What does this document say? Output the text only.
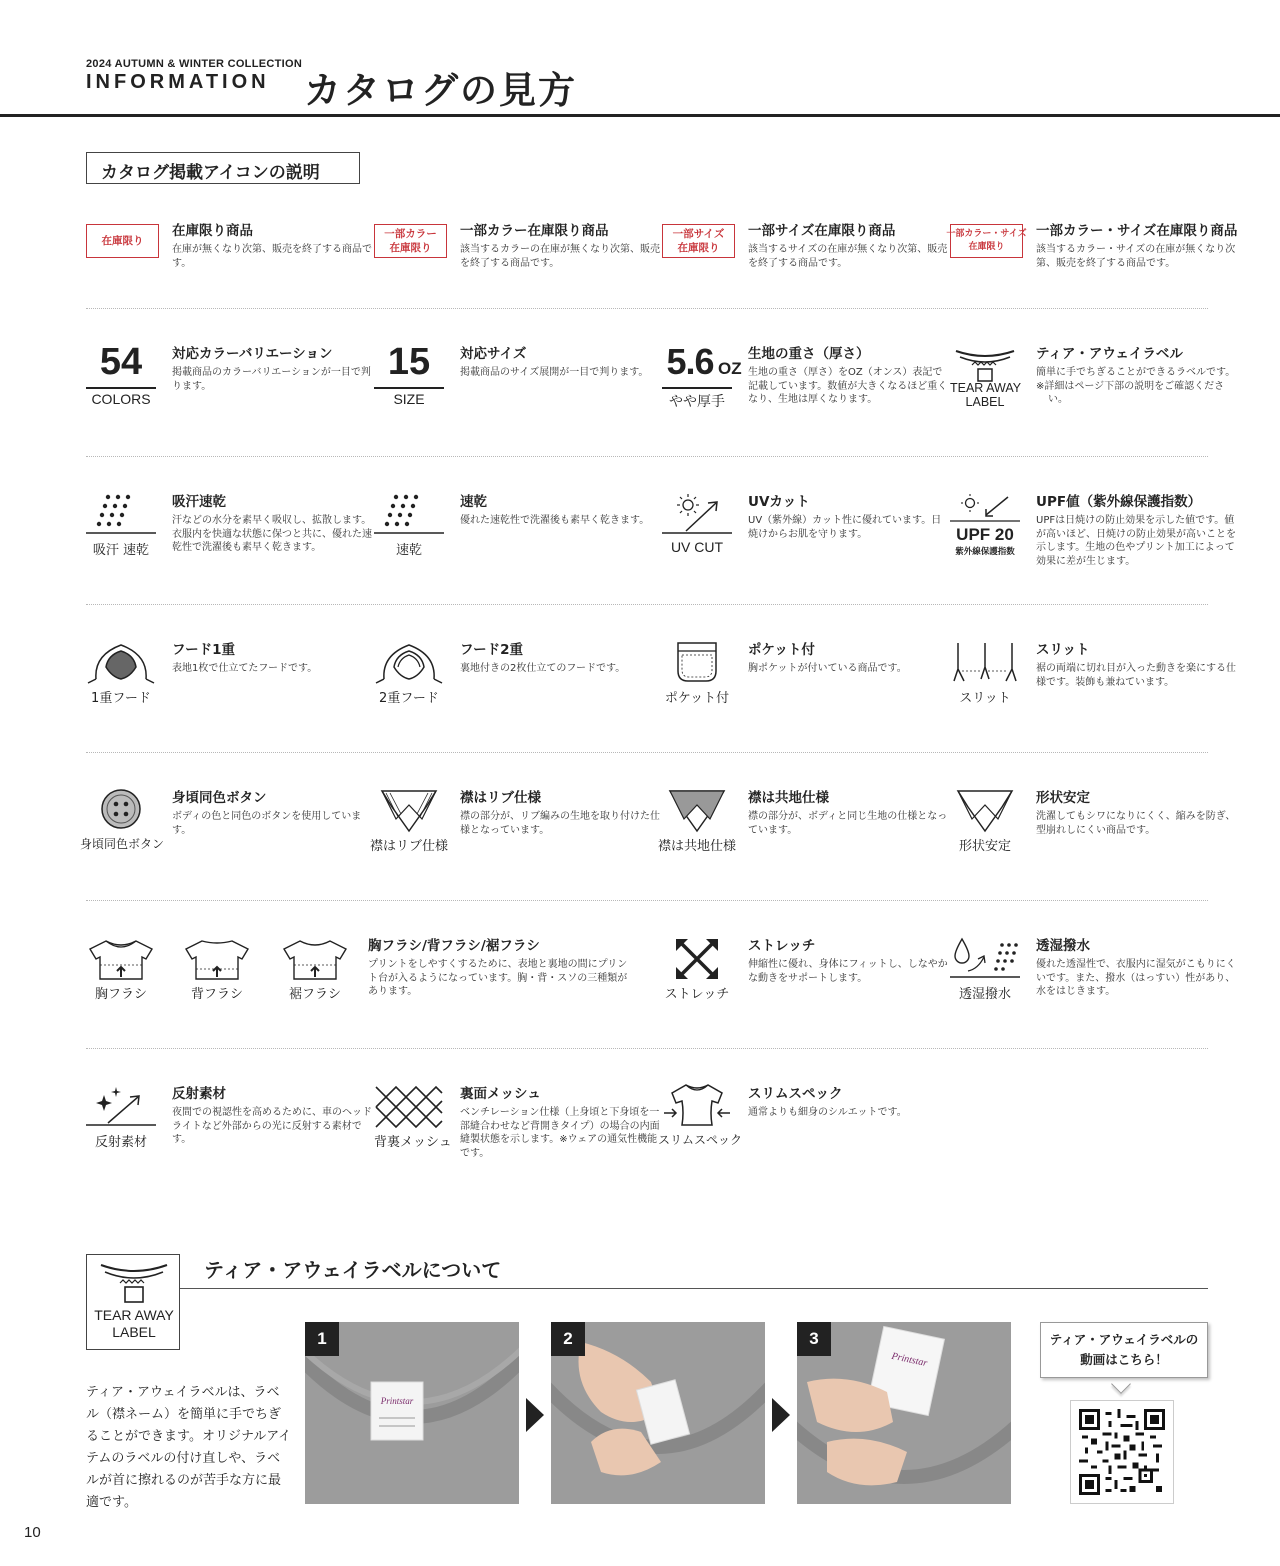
2024 AUTUMN & WINTER COLLECTION
INFORMATION カタログの見方
カタログ掲載アイコンの説明
在庫限り
在庫限り商品
在庫が無くなり次第、販売を終了する商品です。
一部カラー
在庫限り
一部カラー在庫限り商品
該当するカラーの在庫が無くなり次第、販売を終了する商品です。
一部サイズ
在庫限り
一部サイズ在庫限り商品
該当するサイズの在庫が無くなり次第、販売を終了する商品です。
一部カラー・サイズ
在庫限り
一部カラー・サイズ在庫限り商品
該当するカラー・サイズの在庫が無くなり次第、販売を終了する商品です。
54
COLORS
対応カラーバリエーション
掲載商品のカラーバリエーションが一目で判ります。
15
SIZE
対応サイズ
掲載商品のサイズ展開が一目で判ります。 5.6 OZ
やや厚手
生地の重さ（厚さ）
生地の重さ（厚さ）をOZ（オンス）表記で記載しています。数値が大きくなるほど重くなり、生地は厚くなります。
TEAR AWAY
LABEL
ティア・アウェイラベル
簡単に手でちぎることができるラベルです。
※詳細はページ下部の説明をご確認ください。
吸汗 速乾
吸汗速乾
汗などの水分を素早く吸収し、拡散します。衣服内を快適な状態に保つと共に、優れた速乾性で洗濯後も素早く乾きます。	速乾
速乾
優れた速乾性で洗濯後も素早く乾きます。
UV CUT
UVカット
UV（紫外線）カット性に優れています。日焼けからお肌を守ります。	UPF 20
紫外線保護指数
UPF値（紫外線保護指数）
UPFは日焼けの防止効果を示した値です。値が高いほど、日焼けの防止効果が高いことを示します。生地の色やプリント加工によって効果に差が生じます。
1重フード
フード1重
表地1枚で仕立てたフードです。
2重フード
フード2重
裏地付きの2枚仕立てのフードです。
ポケット付
ポケット付
胸ポケットが付いている商品です。
スリット
スリット
裾の両端に切れ目が入った動きを楽にする仕様です。装飾も兼ねています。
身頃同色ボタン
身頃同色ボタン
ボディの色と同色のボタンを使用しています。
襟はリブ仕様
襟はリブ仕様
襟の部分が、リブ編みの生地を取り付けた仕様となっています。
襟は共地仕様
襟は共地仕様
襟の部分が、ボディと同じ生地の仕様となっています。
形状安定
形状安定
洗濯してもシワになりにくく、縮みを防ぎ、型崩れしにくい商品です。
胸フラシ	背フラシ	裾フラシ
胸フラシ/背フラシ/裾フラシ
プリントをしやすくするために、表地と裏地の間にプリント台が入るようになっています。胸・背・スソの三種類があります。	ストレッチ
ストレッチ
伸縮性に優れ、身体にフィットし、しなやかな動きをサポートします。
透湿撥水
透湿撥水
優れた透湿性で、衣服内に湿気がこもりにくいです。また、撥水（はっすい）性があり、水をはじきます。
反射素材
反射素材
夜間での視認性を高めるために、車のヘッドライトなど外部からの光に反射する素材です。	背裏メッシュ
裏面メッシュ
ベンチレーション仕様（上身頃と下身頃を一部縫合わせなど背開きタイプ）の場合の内面縫製状態を示します。※ウェアの通気性機能です。
スリムスペック
スリムスペック
通常よりも細身のシルエットです。
TEAR AWAY
LABEL
ティア・アウェイラベルについて
ティア・アウェイラベルは、ラベル（襟ネーム）を簡単に手でちぎることができます。オリジナルアイテムのラベルの付け直しや、ラベルが首に擦れるのが苦手な方に最適です。
Printstar
1	2
Printstar
3	ティア・アウェイラベルの
動画はこちら！
10
